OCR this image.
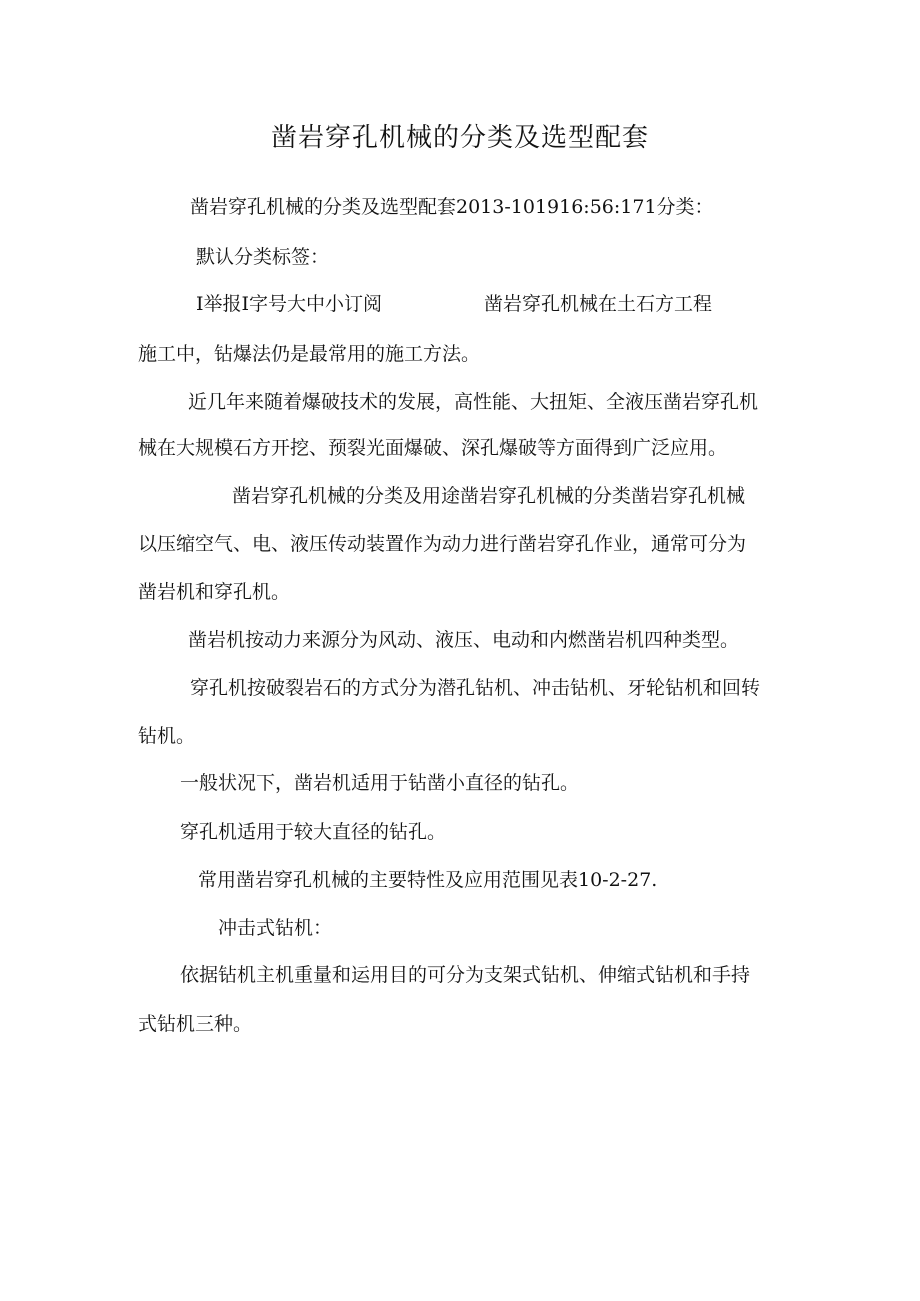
凿岩穿孔机械的分类及选型配套
凿岩穿孔机械的分类及选型配套2013-101916:56:171分类：
默认分类标签：
I举报I字号大中小订阅	凿岩穿孔机械在土石方工程
施工中，钻爆法仍是最常用的施工方法。
近几年来随着爆破技术的发展，高性能、大扭矩、全液压凿岩穿孔机
械在大规模石方开挖、预裂光面爆破、深孔爆破等方面得到广泛应用。
凿岩穿孔机械的分类及用途凿岩穿孔机械的分类凿岩穿孔机械
以压缩空气、电、液压传动装置作为动力进行凿岩穿孔作业，通常可分为
凿岩机和穿孔机。
凿岩机按动力来源分为风动、液压、电动和内燃凿岩机四种类型。
穿孔机按破裂岩石的方式分为潜孔钻机、冲击钻机、牙轮钻机和回转
钻机。
一般状况下，凿岩机适用于钻凿小直径的钻孔。
穿孔机适用于较大直径的钻孔。
常用凿岩穿孔机械的主要特性及应用范围见表10-2-27.
冲击式钻机：
依据钻机主机重量和运用目的可分为支架式钻机、伸缩式钻机和手持
式钻机三种。
